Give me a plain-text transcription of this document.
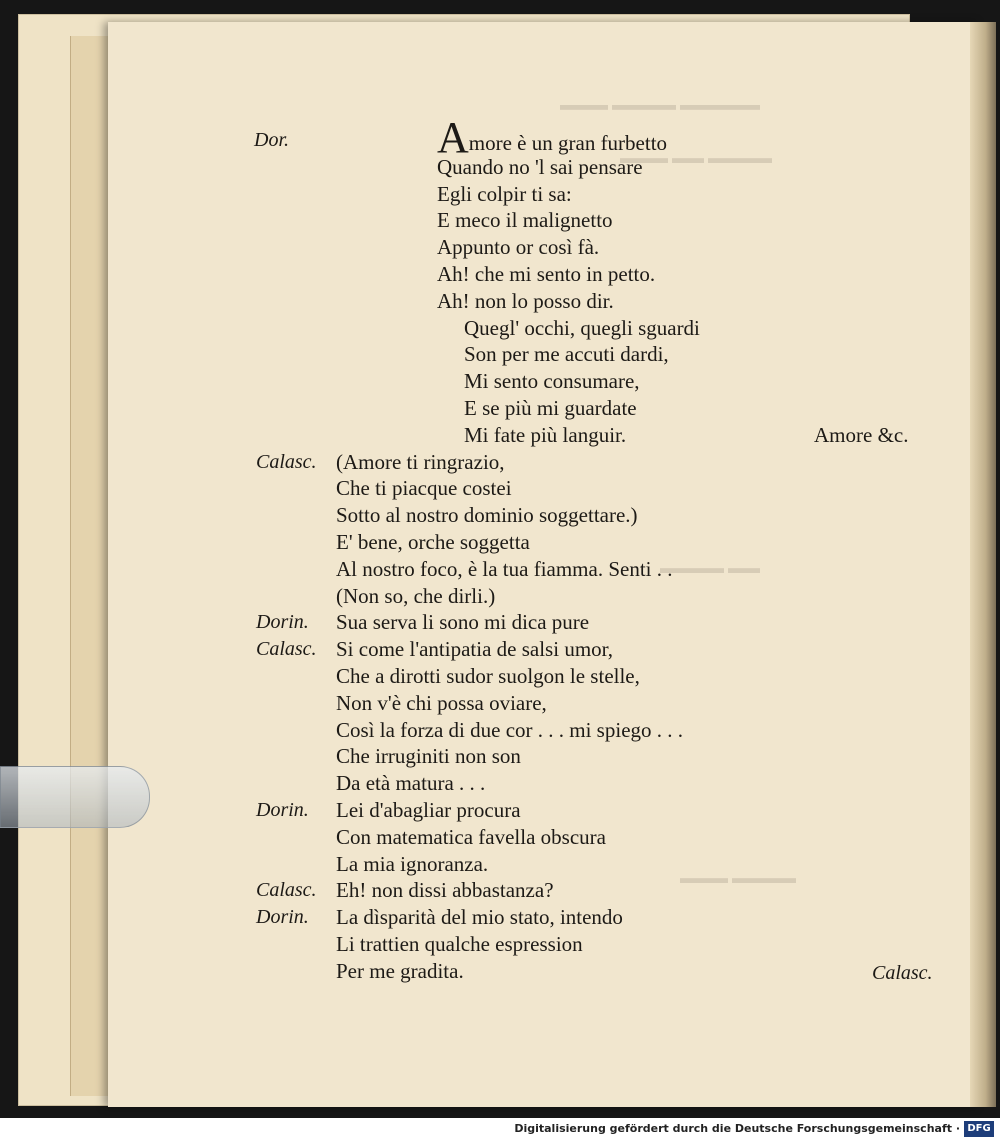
▬▬▬ ▬▬▬▬ ▬▬▬▬▬
▬▬▬ ▬▬ ▬▬▬▬
▬▬▬▬ ▬▬
▬▬▬ ▬▬▬▬
Dor.	Amore è un gran furbetto
Quando no 'l sai pensare
Egli colpir ti sa:
E meco il malignetto
Appunto or così fà.
Ah! che mi sento in petto.
Ah! non lo posso dir.
Quegl' occhi, quegli sguardi
Son per me accuti dardi,
Mi sento consumare,
E se più mi guardate
Mi fate più languir.	Amore &c.
Calasc. (Amore ti ringrazio,
Che ti piacque costei
Sotto al nostro dominio soggettare.)
E' bene, orche soggetta
Al nostro foco, è la tua fiamma. Senti . .
(Non so, che dirli.)
Dorin. Sua serva li sono mi dica pure
Calasc. Si come l'antipatia de salsi umor,
Che a dirotti sudor suolgon le stelle,
Non v'è chi possa oviare,
Così la forza di due cor . . . mi spiego . . .
Che irruginiti non son
Da età matura . . .
Dorin. Lei d'abagliar procura
Con matematica favella obscura
La mia ignoranza.
Calasc. Eh! non dissi abbastanza?
Dorin. La dìsparità del mio stato, intendo
Li trattien qualche espression
Per me gradita.	Calasc.
Digitalisierung gefördert durch die Deutsche Forschungsgemeinschaft · DFG
